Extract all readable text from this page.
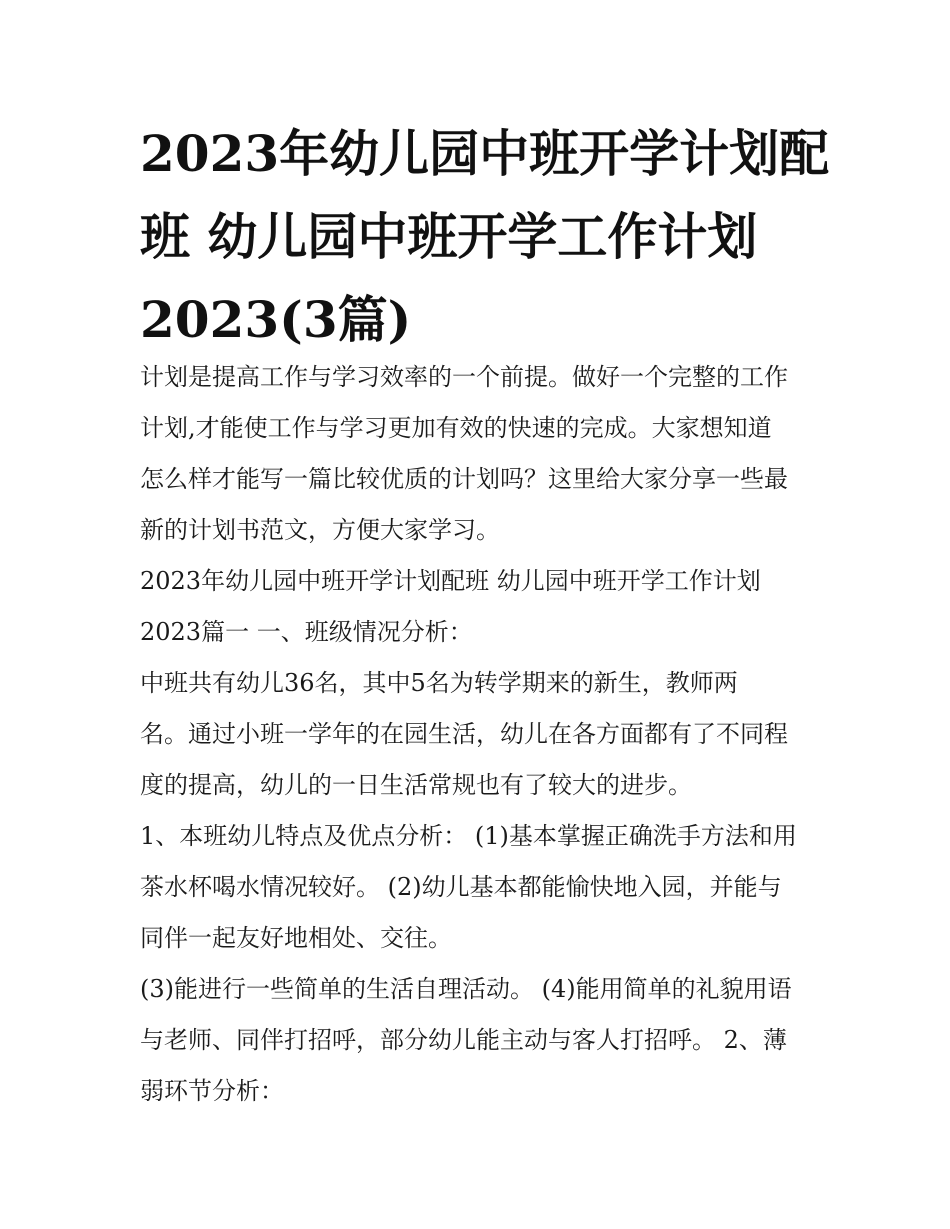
2023年幼儿园中班开学计划配
班 幼儿园中班开学工作计划
2023(3篇)
计划是提高工作与学习效率的一个前提。做好一个完整的工作
计划,才能使工作与学习更加有效的快速的完成。大家想知道
怎么样才能写一篇比较优质的计划吗？这里给大家分享一些最
新的计划书范文，方便大家学习。
2023年幼儿园中班开学计划配班 幼儿园中班开学工作计划
2023篇一 一、班级情况分析：
中班共有幼儿36名，其中5名为转学期来的新生，教师两
名。通过小班一学年的在园生活，幼儿在各方面都有了不同程
度的提高，幼儿的一日生活常规也有了较大的进步。
1、本班幼儿特点及优点分析： (1)基本掌握正确洗手方法和用
茶水杯喝水情况较好。 (2)幼儿基本都能愉快地入园，并能与
同伴一起友好地相处、交往。
(3)能进行一些简单的生活自理活动。 (4)能用简单的礼貌用语
与老师、同伴打招呼，部分幼儿能主动与客人打招呼。 2、薄
弱环节分析：
